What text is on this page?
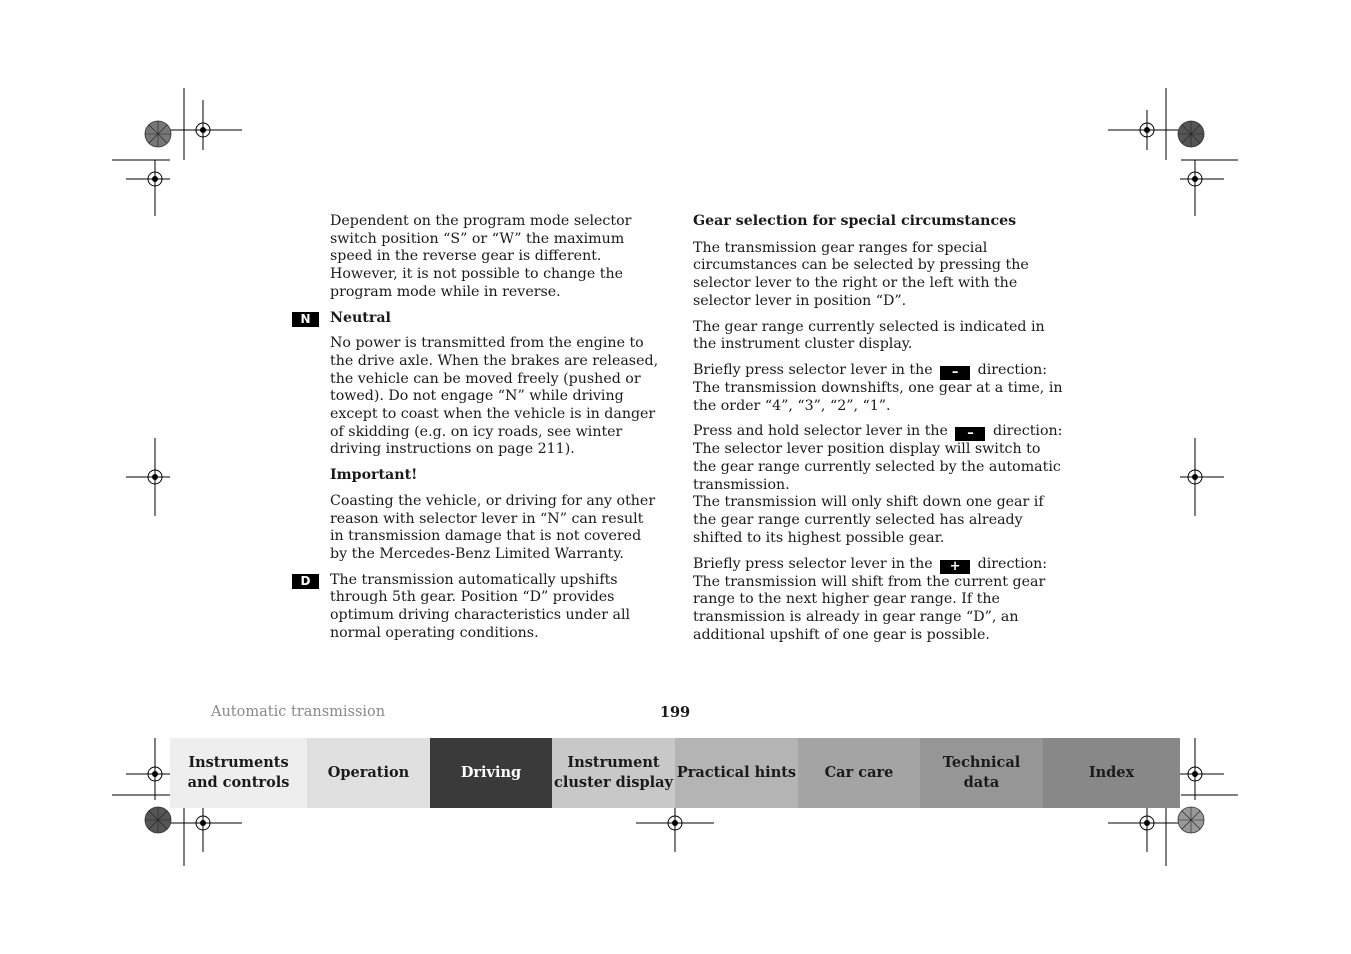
Dependent on the program mode selector switch position “S” or “W” the maximum speed in the reverse gear is different. However, it is not possible to change the program mode while in reverse.

N	Neutral

No power is transmitted from the engine to the drive axle. When the brakes are released, the vehicle can be moved freely (pushed or towed). Do not engage “N” while driving except to coast when the vehicle is in danger of skidding (e.g. on icy roads, see winter driving instructions on page 211).

Important!

Coasting the vehicle, or driving for any other reason with selector lever in “N” can result in transmission damage that is not covered by the Mercedes-Benz Limited Warranty.

D	The transmission automatically upshifts through 5th gear. Position “D” provides optimum driving characteristics under all normal operating conditions.

Gear selection for special circumstances

The transmission gear ranges for special circumstances can be selected by pressing the selector lever to the right or the left with the selector lever in position “D”.

The gear range currently selected is indicated in the instrument cluster display.

Briefly press selector lever in the – direction:
The transmission downshifts, one gear at a time, in the order “4”, “3”, “2”, “1”.

Press and hold selector lever in the – direction:
The selector lever position display will switch to the gear range currently selected by the automatic transmission.
The transmission will only shift down one gear if the gear range currently selected has already shifted to its highest possible gear.

Briefly press selector lever in the + direction:
The transmission will shift from the current gear range to the next higher gear range. If the transmission is already in gear range “D”, an additional upshift of one gear is possible.

Automatic transmission	199
Instruments
and controls
Operation	Driving
Instrument
cluster display
Practical hints	Car care
Technical
data
Index
